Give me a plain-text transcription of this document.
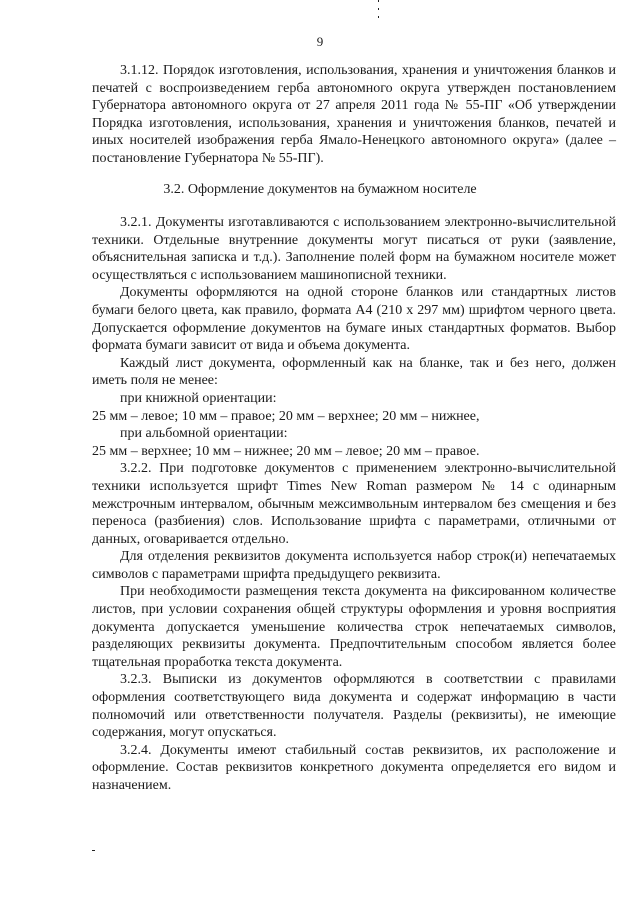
9

3.1.12. Порядок изготовления, использования, хранения и уничтожения бланков и печатей с воспроизведением герба автономного округа утвержден постановлением Губернатора автономного округа от 27 апреля 2011 года № 55-ПГ «Об утверждении Порядка изготовления, использования, хранения и уничтожения бланков, печатей и иных носителей изображения герба Ямало-Ненецкого автономного округа» (далее – постановление Губернатора № 55-ПГ).

3.2. Оформление документов на бумажном носителе

3.2.1. Документы изготавливаются с использованием электронно-вычислительной техники. Отдельные внутренние документы могут писаться от руки (заявление, объяснительная записка и т.д.). Заполнение полей форм на бумажном носителе может осуществляться с использованием машинописной техники.

Документы оформляются на одной стороне бланков или стандартных листов бумаги белого цвета, как правило, формата А4 (210 х 297 мм) шрифтом черного цвета. Допускается оформление документов на бумаге иных стандартных форматов. Выбор формата бумаги зависит от вида и объема документа.

Каждый лист документа, оформленный как на бланке, так и без него, должен иметь поля не менее:

при книжной ориентации:

25 мм – левое; 10 мм – правое; 20 мм – верхнее; 20 мм – нижнее,

при альбомной ориентации:

25 мм – верхнее; 10 мм – нижнее; 20 мм – левое; 20 мм – правое.

3.2.2. При подготовке документов с применением электронно-вычислительной техники используется шрифт Times New Roman размером № 14 с одинарным межстрочным интервалом, обычным межсимвольным интервалом без смещения и без переноса (разбиения) слов. Использование шрифта с параметрами, отличными от данных, оговаривается отдельно.

Для отделения реквизитов документа используется набор строк(и) непечатаемых символов с параметрами шрифта предыдущего реквизита.

При необходимости размещения текста документа на фиксированном количестве листов, при условии сохранения общей структуры оформления и уровня восприятия документа допускается уменьшение количества строк непечатаемых символов, разделяющих реквизиты документа. Предпочтительным способом является более тщательная проработка текста документа.

3.2.3. Выписки из документов оформляются в соответствии с правилами оформления соответствующего вида документа и содержат информацию в части полномочий или ответственности получателя. Разделы (реквизиты), не имеющие содержания, могут опускаться.

3.2.4. Документы имеют стабильный состав реквизитов, их расположение и оформление. Состав реквизитов конкретного документа определяется его видом и назначением.
